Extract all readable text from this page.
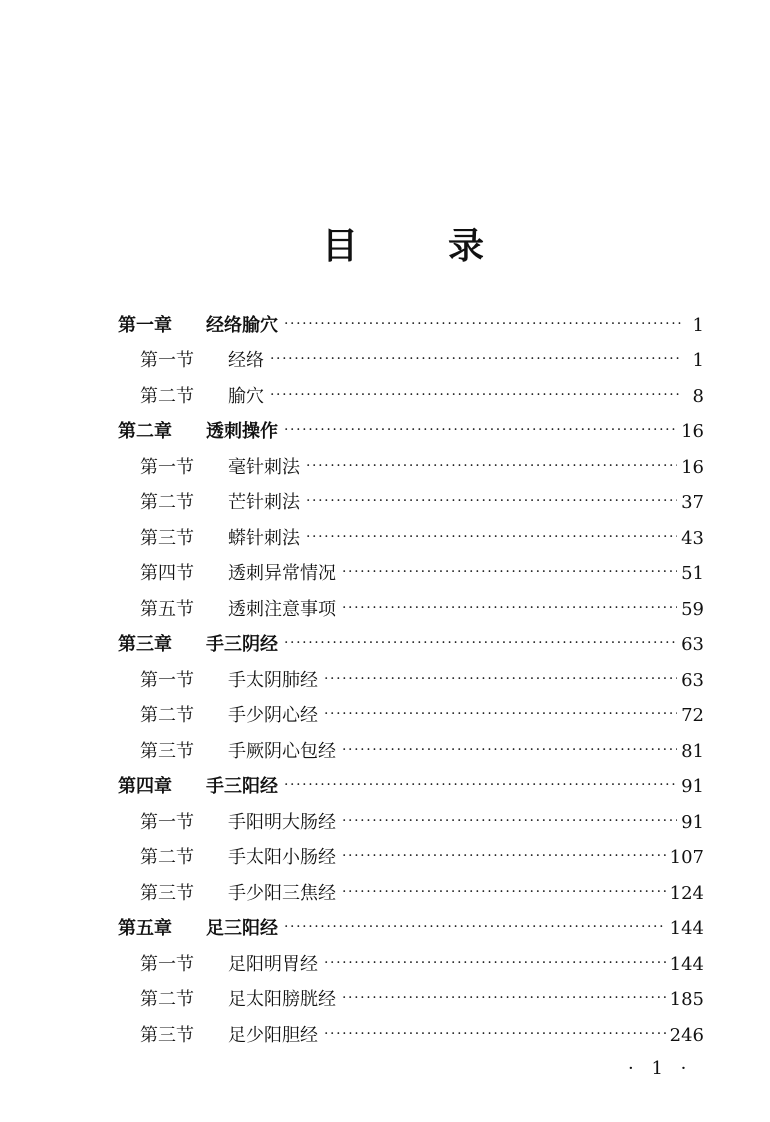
目 录
第一章	经络腧穴 ·····	1
第一节	经络 ·····	1
第二节	腧穴 ·····	8
第二章	透刺操作 ·····	16
第一节	毫针刺法 ·····	16
第二节	芒针刺法 ·····	37
第三节	蟒针刺法 ·····	43
第四节	透刺异常情况 ·····	51
第五节	透刺注意事项 ·····	59
第三章	手三阴经 ·····	63
第一节	手太阴肺经 ·····	63
第二节	手少阴心经 ·····	72
第三节	手厥阴心包经 ·····	81
第四章	手三阳经 ·····	91
第一节	手阳明大肠经 ·····	91
第二节	手太阳小肠经 ·····	107
第三节	手少阳三焦经 ·····	124
第五章	足三阳经 ·····	144
第一节	足阳明胃经 ·····	144
第二节	足太阳膀胱经 ·····	185
第三节	足少阳胆经 ·····	246
· 1 ·
